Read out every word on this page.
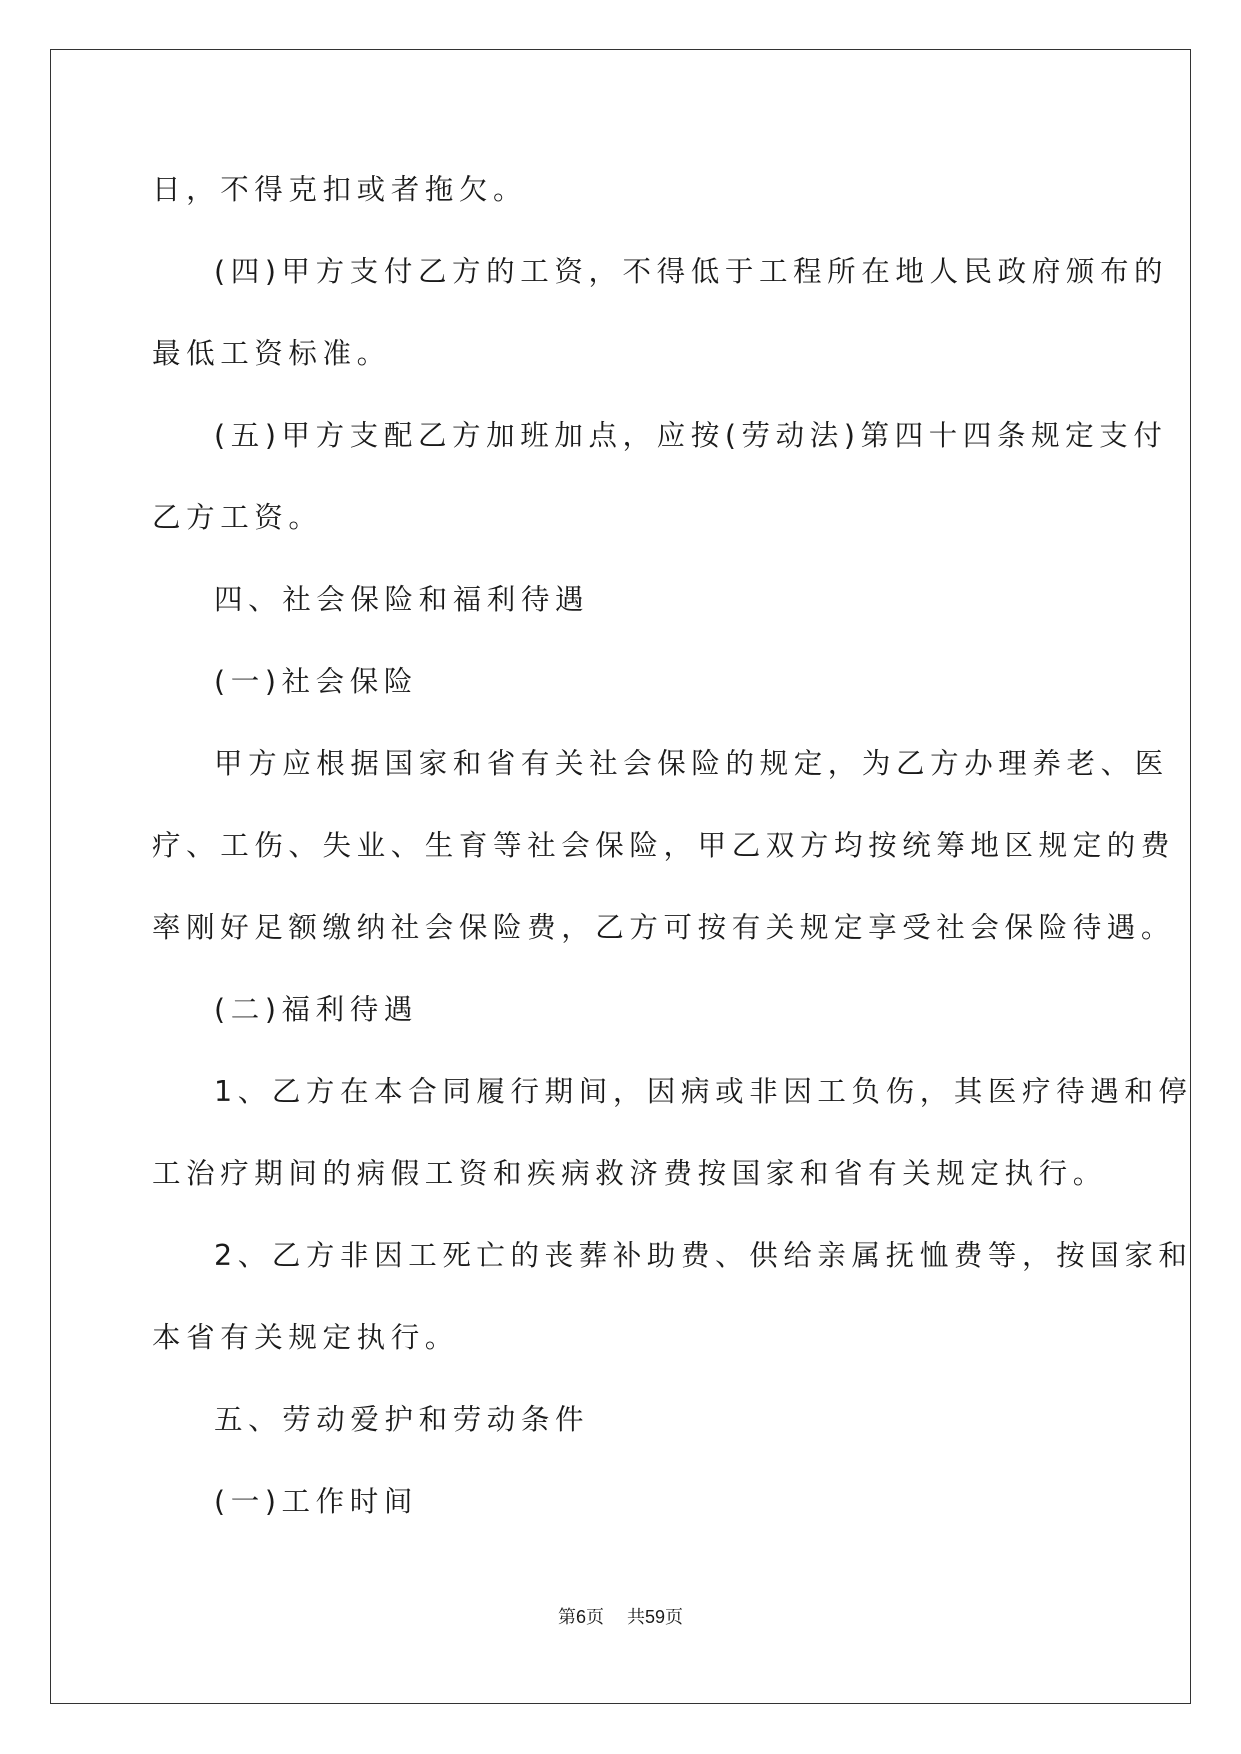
日，不得克扣或者拖欠。
(四)甲方支付乙方的工资，不得低于工程所在地人民政府颁布的
最低工资标准。
(五)甲方支配乙方加班加点，应按(劳动法)第四十四条规定支付
乙方工资。
四、社会保险和福利待遇
(一)社会保险
甲方应根据国家和省有关社会保险的规定，为乙方办理养老、医
疗、工伤、失业、生育等社会保险，甲乙双方均按统筹地区规定的费
率刚好足额缴纳社会保险费，乙方可按有关规定享受社会保险待遇。
(二)福利待遇
1、乙方在本合同履行期间，因病或非因工负伤，其医疗待遇和停
工治疗期间的病假工资和疾病救济费按国家和省有关规定执行。
2、乙方非因工死亡的丧葬补助费、供给亲属抚恤费等，按国家和
本省有关规定执行。
五、劳动爱护和劳动条件
(一)工作时间
第6页 共59页
